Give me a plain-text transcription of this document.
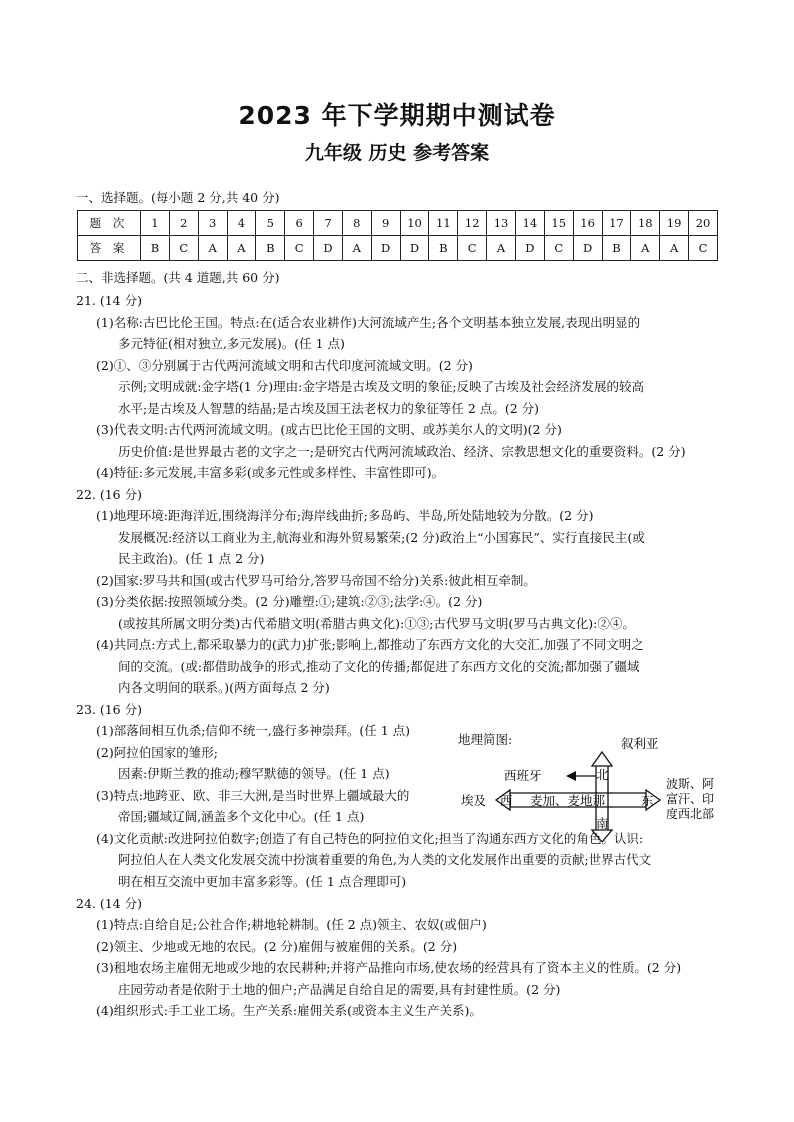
2023 年下学期期中测试卷
九年级 历史 参考答案
一、选择题。(每小题 2 分,共 40 分)
题 次	1	2	3	4	5	6	7	8	9	10	11	12	13	14	15	16	17	18	19	20
答 案	B	C	A	A	B	C	D	A	D	D	B	C	A	D	C	D	B	A	A	C
二、非选择题。(共 4 道题,共 60 分)
21. (14 分)
(1)名称:古巴比伦王国。特点:在(适合农业耕作)大河流域产生;各个文明基本独立发展,表现出明显的
多元特征(相对独立,多元发展)。(任 1 点)
(2)①、③分别属于古代两河流域文明和古代印度河流域文明。(2 分)
示例;文明成就:金字塔(1 分)理由:金字塔是古埃及文明的象征;反映了古埃及社会经济发展的较高
水平;是古埃及人智慧的结晶;是古埃及国王法老权力的象征等任 2 点。(2 分)
(3)代表文明:古代两河流域文明。(或古巴比伦王国的文明、或苏美尔人的文明)(2 分)
历史价值:是世界最古老的文字之一;是研究古代两河流域政治、经济、宗教思想文化的重要资料。(2 分)
(4)特征:多元发展,丰富多彩(或多元性或多样性、丰富性即可)。
22. (16 分)
(1)地理环境:距海洋近,围绕海洋分布;海岸线曲折;多岛屿、半岛,所处陆地较为分散。(2 分)
发展概况:经济以工商业为主,航海业和海外贸易繁荣;(2 分)政治上“小国寡民”、实行直接民主(或
民主政治)。(任 1 点 2 分)
(2)国家:罗马共和国(或古代罗马可给分,答罗马帝国不给分)关系:彼此相互牵制。
(3)分类依据:按照领域分类。(2 分)雕塑:①;建筑:②③;法学:④。(2 分)
(或按其所属文明分类)古代希腊文明(希腊古典文化):①③;古代罗马文明(罗马古典文化):②④。
(4)共同点:方式上,都采取暴力的(武力)扩张;影响上,都推动了东西方文化的大交汇,加强了不同文明之
间的交流。(或:都借助战争的形式,推动了文化的传播;都促进了东西方文化的交流;都加强了疆域
内各文明间的联系。)(两方面每点 2 分)
23. (16 分)
(1)部落间相互仇杀;信仰不统一,盛行多神崇拜。(任 1 点)
(2)阿拉伯国家的雏形;
因素:伊斯兰教的推动;穆罕默德的领导。(任 1 点)
(3)特点:地跨亚、欧、非三大洲,是当时世界上疆域最大的
帝国;疆域辽阔,涵盖多个文化中心。(任 1 点)
(4)文化贡献:改进阿拉伯数字;创造了有自己特色的阿拉伯文化;担当了沟通东西方文化的角色。认识:
阿拉伯人在人类文化发展交流中扮演着重要的角色,为人类的文化发展作出重要的贡献;世界古代文
明在相互交流中更加丰富多彩等。(任 1 点合理即可)
地理简图:	叙利亚
西班牙	北
埃及 西 麦加、麦地那	东
南
波斯、阿
富汗、印
度西北部
24. (14 分)
(1)特点:自给自足;公社合作;耕地轮耕制。(任 2 点)领主、农奴(或佃户)
(2)领主、少地或无地的农民。(2 分)雇佣与被雇佣的关系。(2 分)
(3)租地农场主雇佣无地或少地的农民耕种;并将产品推向市场,使农场的经营具有了资本主义的性质。(2 分)
庄园劳动者是依附于土地的佃户;产品满足自给自足的需要,具有封建性质。(2 分)
(4)组织形式:手工业工场。生产关系:雇佣关系(或资本主义生产关系)。
